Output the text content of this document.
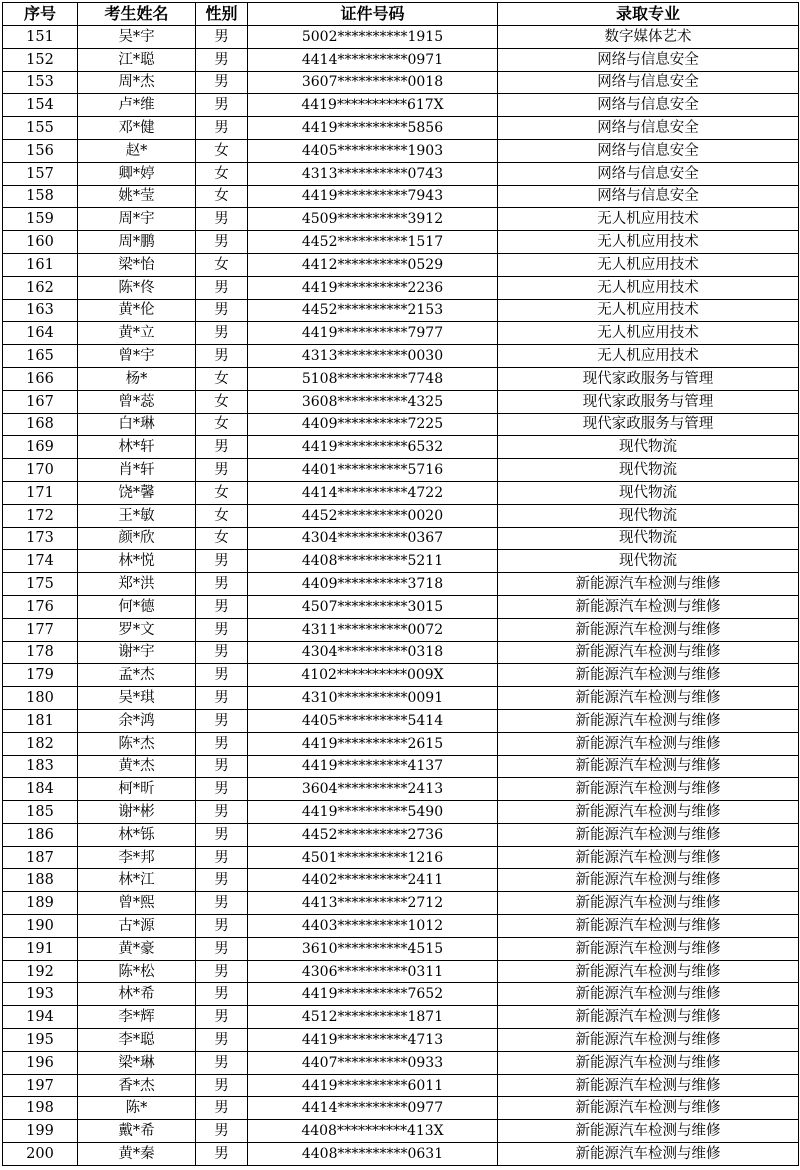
序号	考生姓名	性别	证件号码	录取专业
151	吴*宇	男	5002**********1915	数字媒体艺术
152	江*聪	男	4414**********0971	网络与信息安全
153	周*杰	男	3607**********0018	网络与信息安全
154	卢*维	男	4419**********617X	网络与信息安全
155	邓*健	男	4419**********5856	网络与信息安全
156	赵*	女	4405**********1903	网络与信息安全
157	卿*婷	女	4313**********0743	网络与信息安全
158	姚*莹	女	4419**********7943	网络与信息安全
159	周*宇	男	4509**********3912	无人机应用技术
160	周*鹏	男	4452**********1517	无人机应用技术
161	梁*怡	女	4412**********0529	无人机应用技术
162	陈*佟	男	4419**********2236	无人机应用技术
163	黄*伦	男	4452**********2153	无人机应用技术
164	黄*立	男	4419**********7977	无人机应用技术
165	曾*宇	男	4313**********0030	无人机应用技术
166	杨*	女	5108**********7748	现代家政服务与管理
167	曾*蕊	女	3608**********4325	现代家政服务与管理
168	白*琳	女	4409**********7225	现代家政服务与管理
169	林*轩	男	4419**********6532	现代物流
170	肖*轩	男	4401**********5716	现代物流
171	饶*馨	女	4414**********4722	现代物流
172	王*敏	女	4452**********0020	现代物流
173	颜*欣	女	4304**********0367	现代物流
174	林*悦	男	4408**********5211	现代物流
175	郑*洪	男	4409**********3718	新能源汽车检测与维修
176	何*德	男	4507**********3015	新能源汽车检测与维修
177	罗*文	男	4311**********0072	新能源汽车检测与维修
178	谢*宇	男	4304**********0318	新能源汽车检测与维修
179	孟*杰	男	4102**********009X	新能源汽车检测与维修
180	吴*琪	男	4310**********0091	新能源汽车检测与维修
181	余*鸿	男	4405**********5414	新能源汽车检测与维修
182	陈*杰	男	4419**********2615	新能源汽车检测与维修
183	黄*杰	男	4419**********4137	新能源汽车检测与维修
184	柯*昕	男	3604**********2413	新能源汽车检测与维修
185	谢*彬	男	4419**********5490	新能源汽车检测与维修
186	林*铄	男	4452**********2736	新能源汽车检测与维修
187	李*邦	男	4501**********1216	新能源汽车检测与维修
188	林*江	男	4402**********2411	新能源汽车检测与维修
189	曾*熙	男	4413**********2712	新能源汽车检测与维修
190	古*源	男	4403**********1012	新能源汽车检测与维修
191	黄*豪	男	3610**********4515	新能源汽车检测与维修
192	陈*松	男	4306**********0311	新能源汽车检测与维修
193	林*希	男	4419**********7652	新能源汽车检测与维修
194	李*辉	男	4512**********1871	新能源汽车检测与维修
195	李*聪	男	4419**********4713	新能源汽车检测与维修
196	梁*琳	男	4407**********0933	新能源汽车检测与维修
197	香*杰	男	4419**********6011	新能源汽车检测与维修
198	陈*	男	4414**********0977	新能源汽车检测与维修
199	戴*希	男	4408**********413X	新能源汽车检测与维修
200	黄*秦	男	4408**********0631	新能源汽车检测与维修
